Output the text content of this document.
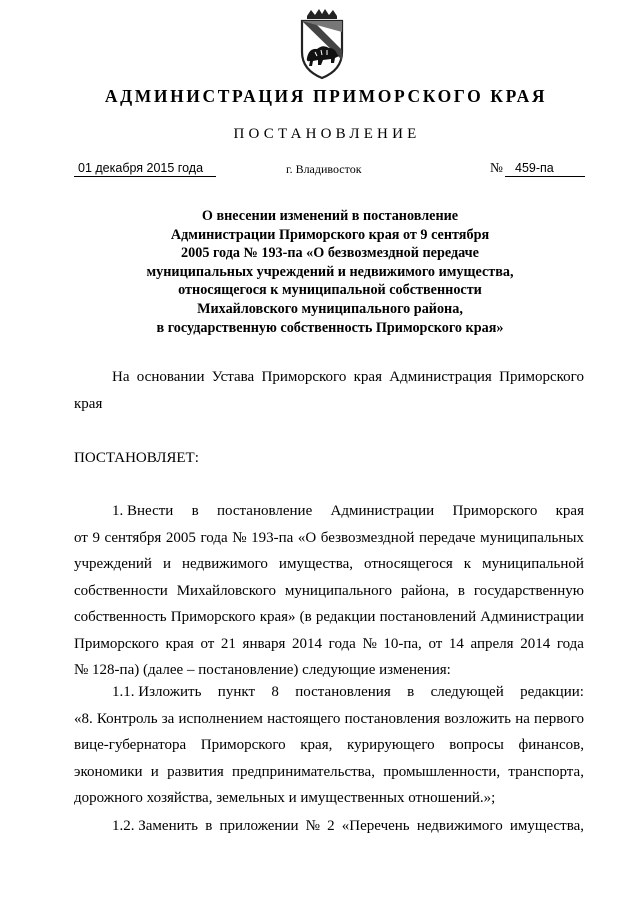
АДМИНИСТРАЦИЯ ПРИМОРСКОГО КРАЯ
ПОСТАНОВЛЕНИЕ
01 декабря 2015 года	г. Владивосток	№ 459-па
О внесении изменений в постановление
Администрации Приморского края от 9 сентября
2005 года № 193-па «О безвозмездной передаче
муниципальных учреждений и недвижимого имущества,
относящегося к муниципальной собственности
Михайловского муниципального района,
в государственную собственность Приморского края»
На основании Устава Приморского края Администрация Приморского
края
ПОСТАНОВЛЯЕТ:
1. Внести в постановление Администрации Приморского края
от 9 сентября 2005 года № 193-па «О безвозмездной передаче муниципальных
учреждений и недвижимого имущества, относящегося к муниципальной
собственности Михайловского муниципального района, в государственную
собственность Приморского края» (в редакции постановлений Администрации
Приморского края от 21 января 2014 года № 10-па, от 14 апреля 2014 года
№ 128-па) (далее – постановление) следующие изменения:
1.1. Изложить пункт 8 постановления в следующей редакции:
«8. Контроль за исполнением настоящего постановления возложить на первого
вице-губернатора Приморского края, курирующего вопросы финансов,
экономики и развития предпринимательства, промышленности, транспорта,
дорожного хозяйства, земельных и имущественных отношений.»;
1.2. Заменить в приложении № 2 «Перечень недвижимого имущества,
